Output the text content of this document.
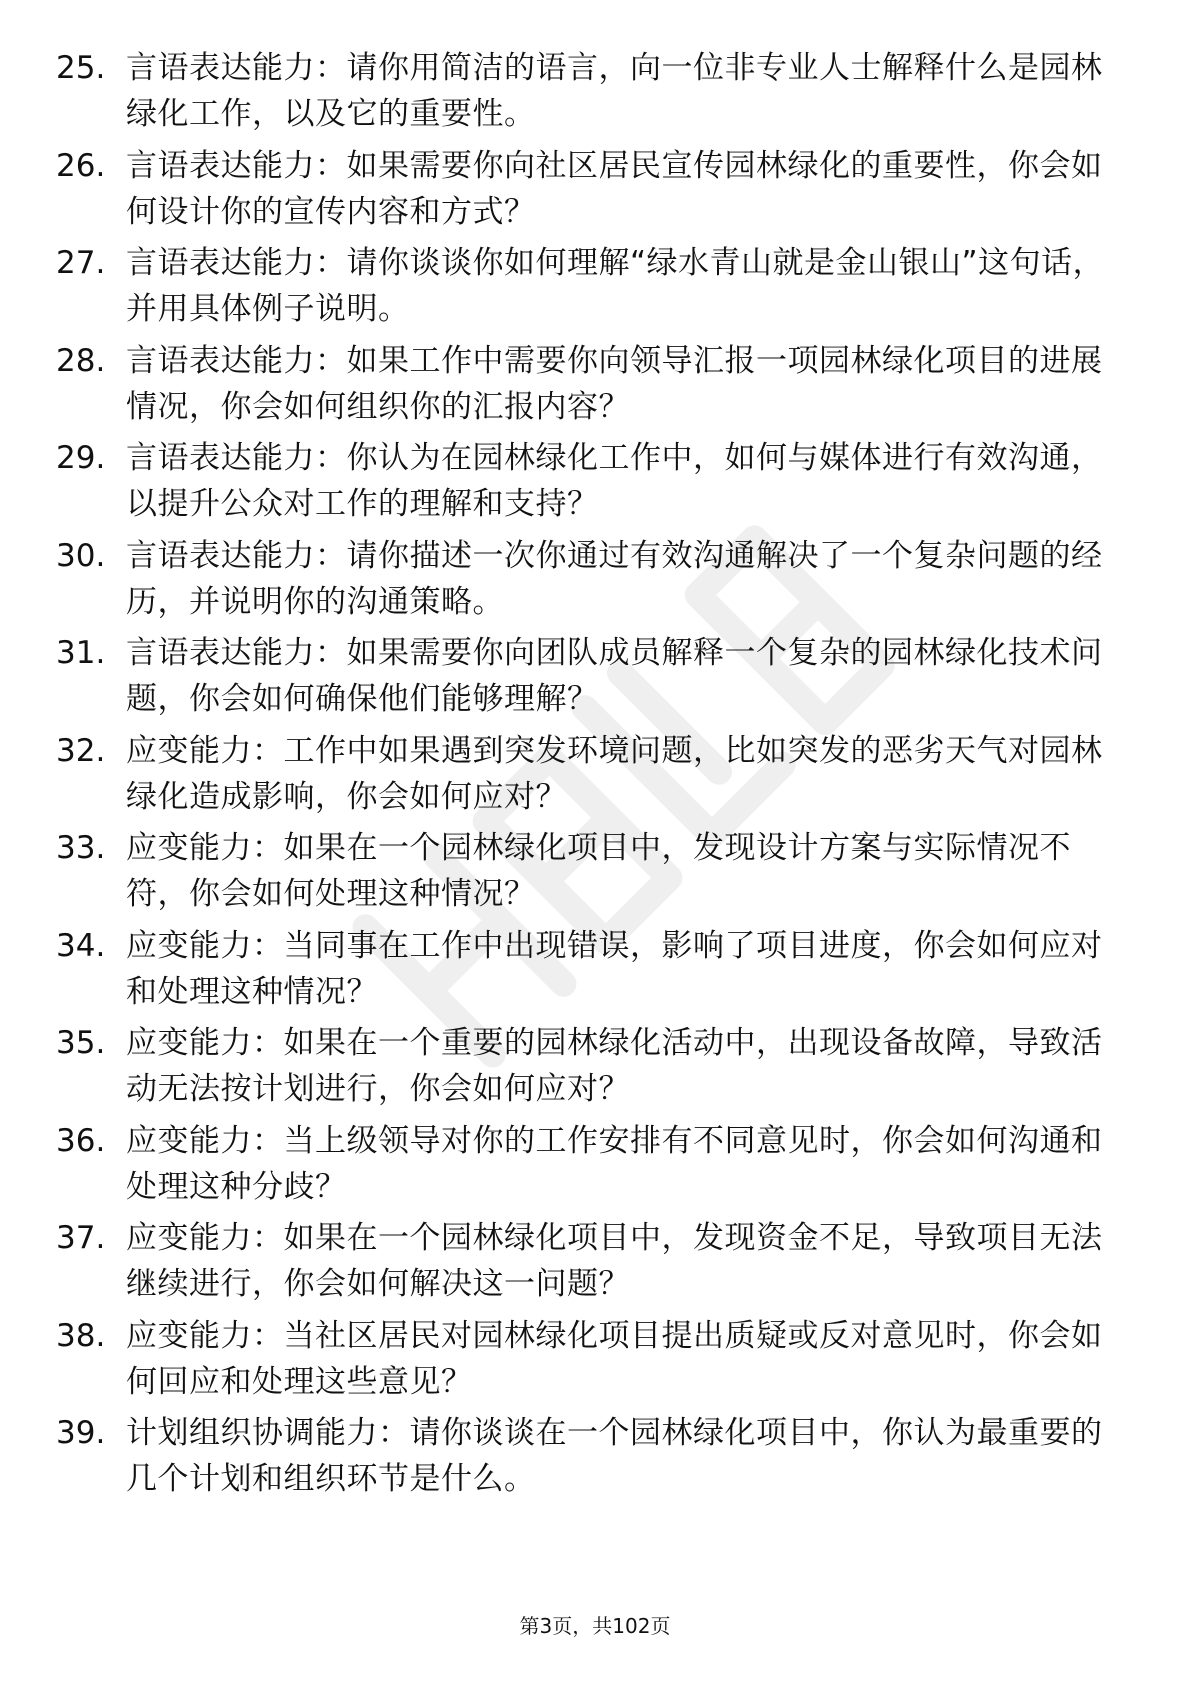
25. 言语表达能力：请你用简洁的语言，向一位非专业人士解释什么是园林绿化工作，以及它的重要性。
26. 言语表达能力：如果需要你向社区居民宣传园林绿化的重要性，你会如何设计你的宣传内容和方式？
27. 言语表达能力：请你谈谈你如何理解“绿水青山就是金山银山”这句话，并用具体例子说明。
28. 言语表达能力：如果工作中需要你向领导汇报一项园林绿化项目的进展情况，你会如何组织你的汇报内容？
29. 言语表达能力：你认为在园林绿化工作中，如何与媒体进行有效沟通，以提升公众对工作的理解和支持？
30. 言语表达能力：请你描述一次你通过有效沟通解决了一个复杂问题的经历，并说明你的沟通策略。
31. 言语表达能力：如果需要你向团队成员解释一个复杂的园林绿化技术问题，你会如何确保他们能够理解？
32. 应变能力：工作中如果遇到突发环境问题，比如突发的恶劣天气对园林绿化造成影响，你会如何应对？
33. 应变能力：如果在一个园林绿化项目中，发现设计方案与实际情况不符，你会如何处理这种情况？
34. 应变能力：当同事在工作中出现错误，影响了项目进度，你会如何应对和处理这种情况？
35. 应变能力：如果在一个重要的园林绿化活动中，出现设备故障，导致活动无法按计划进行，你会如何应对？
36. 应变能力：当上级领导对你的工作安排有不同意见时，你会如何沟通和处理这种分歧？
37. 应变能力：如果在一个园林绿化项目中，发现资金不足，导致项目无法继续进行，你会如何解决这一问题？
38. 应变能力：当社区居民对园林绿化项目提出质疑或反对意见时，你会如何回应和处理这些意见？
39. 计划组织协调能力：请你谈谈在一个园林绿化项目中，你认为最重要的几个计划和组织环节是什么。
第3页，共102页
